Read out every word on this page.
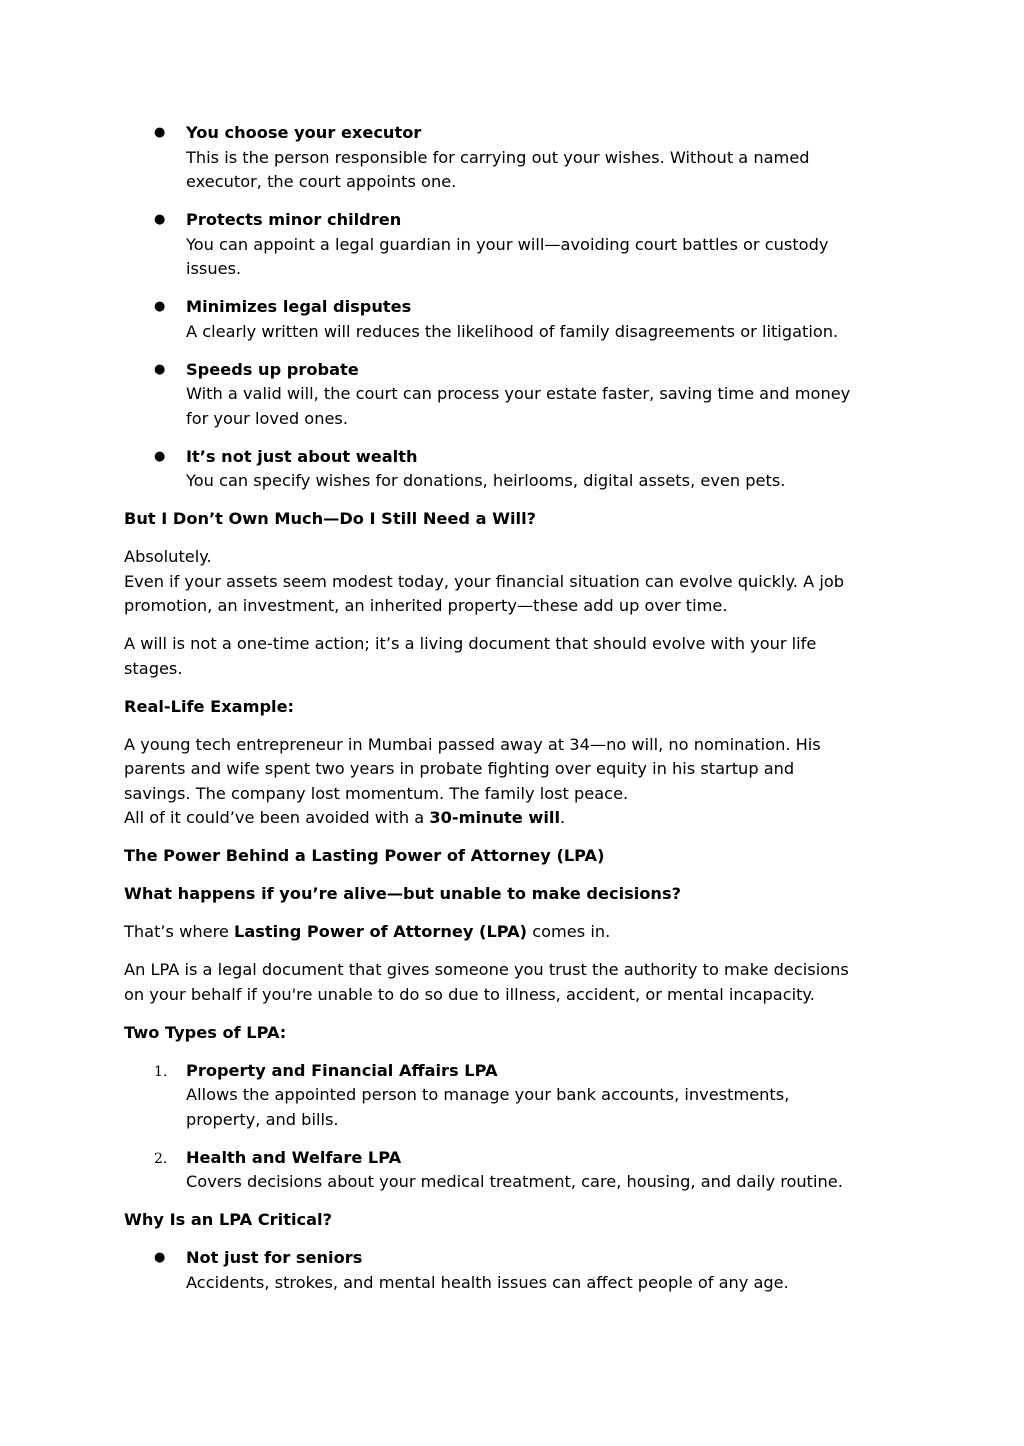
● You choose your executor
This is the person responsible for carrying out your wishes. Without a named
executor, the court appoints one.
● Protects minor children
You can appoint a legal guardian in your will—avoiding court battles or custody
issues.
● Minimizes legal disputes
A clearly written will reduces the likelihood of family disagreements or litigation.
● Speeds up probate
With a valid will, the court can process your estate faster, saving time and money
for your loved ones.
● It’s not just about wealth
You can specify wishes for donations, heirlooms, digital assets, even pets.
But I Don’t Own Much—Do I Still Need a Will?

Absolutely.
Even if your assets seem modest today, your financial situation can evolve quickly. A job
promotion, an investment, an inherited property—these add up over time.

A will is not a one-time action; it’s a living document that should evolve with your life
stages.

Real-Life Example:

A young tech entrepreneur in Mumbai passed away at 34—no will, no nomination. His
parents and wife spent two years in probate fighting over equity in his startup and
savings. The company lost momentum. The family lost peace.
All of it could’ve been avoided with a 30-minute will.

The Power Behind a Lasting Power of Attorney (LPA)
What happens if you’re alive—but unable to make decisions?

That’s where Lasting Power of Attorney (LPA) comes in.

An LPA is a legal document that gives someone you trust the authority to make decisions
on your behalf if you're unable to do so due to illness, accident, or mental incapacity.

Two Types of LPA:
1. Property and Financial Affairs LPA
Allows the appointed person to manage your bank accounts, investments,
property, and bills.
2. Health and Welfare LPA
Covers decisions about your medical treatment, care, housing, and daily routine.
Why Is an LPA Critical?
● Not just for seniors
Accidents, strokes, and mental health issues can affect people of any age.
